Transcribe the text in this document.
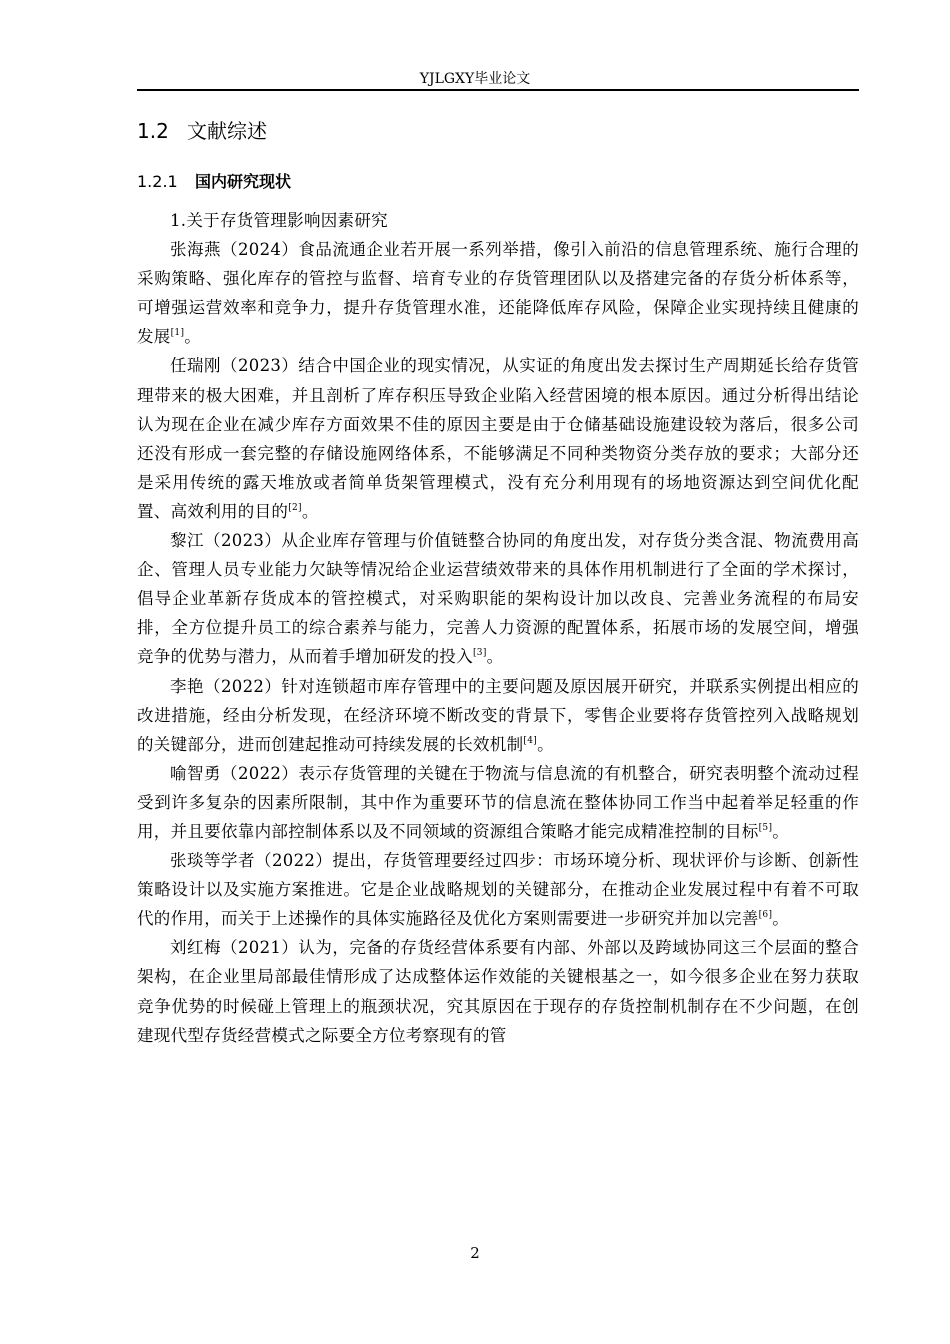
YJLGXY毕业论文
1.2 文献综述
1.2.1 国内研究现状

1.关于存货管理影响因素研究

张海燕（2024）食品流通企业若开展一系列举措，像引入前沿的信息管理系统、施行合理的采购策略、强化库存的管控与监督、培育专业的存货管理团队以及搭建完备的存货分析体系等，可增强运营效率和竞争力，提升存货管理水准，还能降低库存风险，保障企业实现持续且健康的发展[1]。

任瑞刚（2023）结合中国企业的现实情况，从实证的角度出发去探讨生产周期延长给存货管理带来的极大困难，并且剖析了库存积压导致企业陷入经营困境的根本原因。通过分析得出结论认为现在企业在减少库存方面效果不佳的原因主要是由于仓储基础设施建设较为落后，很多公司还没有形成一套完整的存储设施网络体系，不能够满足不同种类物资分类存放的要求；大部分还是采用传统的露天堆放或者简单货架管理模式，没有充分利用现有的场地资源达到空间优化配置、高效利用的目的[2]。

黎江（2023）从企业库存管理与价值链整合协同的角度出发，对存货分类含混、物流费用高企、管理人员专业能力欠缺等情况给企业运营绩效带来的具体作用机制进行了全面的学术探讨，倡导企业革新存货成本的管控模式，对采购职能的架构设计加以改良、完善业务流程的布局安排，全方位提升员工的综合素养与能力，完善人力资源的配置体系，拓展市场的发展空间，增强竞争的优势与潜力，从而着手增加研发的投入[3]。

李艳（2022）针对连锁超市库存管理中的主要问题及原因展开研究，并联系实例提出相应的改进措施，经由分析发现，在经济环境不断改变的背景下，零售企业要将存货管控列入战略规划的关键部分，进而创建起推动可持续发展的长效机制[4]。

喻智勇（2022）表示存货管理的关键在于物流与信息流的有机整合，研究表明整个流动过程受到许多复杂的因素所限制，其中作为重要环节的信息流在整体协同工作当中起着举足轻重的作用，并且要依靠内部控制体系以及不同领域的资源组合策略才能完成精准控制的目标[5]。

张琰等学者（2022）提出，存货管理要经过四步：市场环境分析、现状评价与诊断、创新性策略设计以及实施方案推进。它是企业战略规划的关键部分，在推动企业发展过程中有着不可取代的作用，而关于上述操作的具体实施路径及优化方案则需要进一步研究并加以完善[6]。

刘红梅（2021）认为，完备的存货经营体系要有内部、外部以及跨域协同这三个层面的整合架构，在企业里局部最佳情形成了达成整体运作效能的关键根基之一，如今很多企业在努力获取竞争优势的时候碰上管理上的瓶颈状况，究其原因在于现存的存货控制机制存在不少问题，在创建现代型存货经营模式之际要全方位考察现有的管

2
